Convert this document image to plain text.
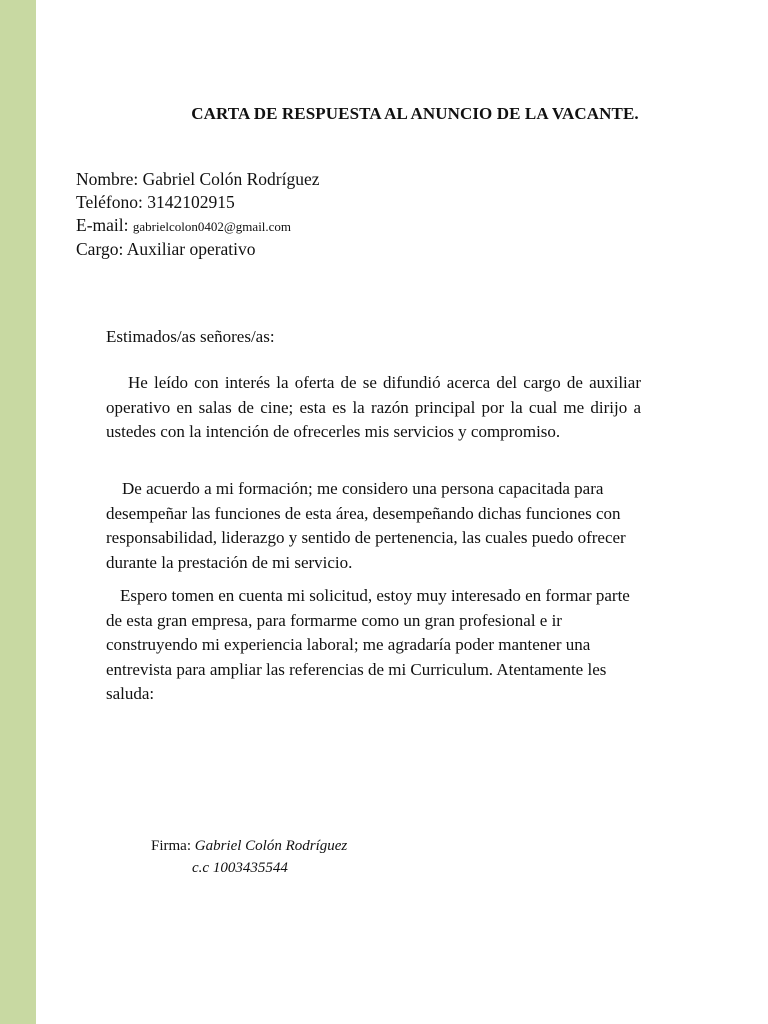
CARTA DE RESPUESTA AL ANUNCIO DE LA VACANTE.
Nombre: Gabriel Colón Rodríguez
Teléfono: 3142102915
E-mail: gabrielcolon0402@gmail.com
Cargo: Auxiliar operativo
Estimados/as señores/as:
He leído con interés la oferta de se difundió acerca del cargo de auxiliar operativo en salas de cine; esta es la razón principal por la cual me dirijo a ustedes con la intención de ofrecerles mis servicios y compromiso.
De acuerdo a mi formación; me considero una persona capacitada para desempeñar las funciones de esta área, desempeñando dichas funciones con responsabilidad, liderazgo y sentido de pertenencia, las cuales puedo ofrecer durante la prestación de mi servicio.
Espero tomen en cuenta mi solicitud, estoy muy interesado en formar parte de esta gran empresa, para formarme como un gran profesional e ir construyendo mi experiencia laboral; me agradaría poder mantener una entrevista para ampliar las referencias de mi Curriculum. Atentamente les saluda:
Firma: Gabriel Colón Rodríguez
c.c 1003435544
